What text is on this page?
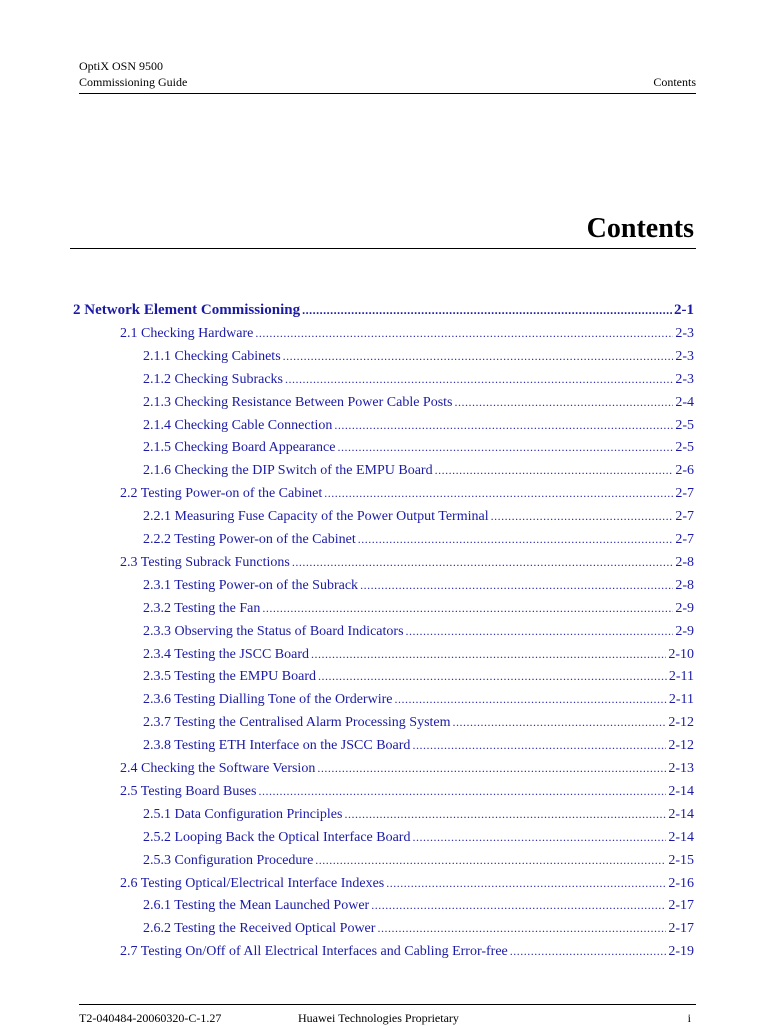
OptiX OSN 9500
Commissioning Guide	Contents
Contents
2 Network Element Commissioning .....	2-1
2.1 Checking Hardware .....	2-3
2.1.1 Checking Cabinets .....	2-3
2.1.2 Checking Subracks .....	2-3
2.1.3 Checking Resistance Between Power Cable Posts .....	2-4
2.1.4 Checking Cable Connection .....	2-5
2.1.5 Checking Board Appearance .....	2-5
2.1.6 Checking the DIP Switch of the EMPU Board .....	2-6
2.2 Testing Power-on of the Cabinet .....	2-7
2.2.1 Measuring Fuse Capacity of the Power Output Terminal .....	2-7
2.2.2 Testing Power-on of the Cabinet .....	2-7
2.3 Testing Subrack Functions .....	2-8
2.3.1 Testing Power-on of the Subrack .....	2-8
2.3.2 Testing the Fan .....	2-9
2.3.3 Observing the Status of Board Indicators .....	2-9
2.3.4 Testing the JSCC Board .....	2-10
2.3.5 Testing the EMPU Board .....	2-11
2.3.6 Testing Dialling Tone of the Orderwire .....	2-11
2.3.7 Testing the Centralised Alarm Processing System .....	2-12
2.3.8 Testing ETH Interface on the JSCC Board .....	2-12
2.4 Checking the Software Version .....	2-13
2.5 Testing Board Buses .....	2-14
2.5.1 Data Configuration Principles .....	2-14
2.5.2 Looping Back the Optical Interface Board .....	2-14
2.5.3 Configuration Procedure .....	2-15
2.6 Testing Optical/Electrical Interface Indexes .....	2-16
2.6.1 Testing the Mean Launched Power .....	2-17
2.6.2 Testing the Received Optical Power .....	2-17
2.7 Testing On/Off of All Electrical Interfaces and Cabling Error-free .....	2-19
T2-040484-20060320-C-1.27	Huawei Technologies Proprietary	i
